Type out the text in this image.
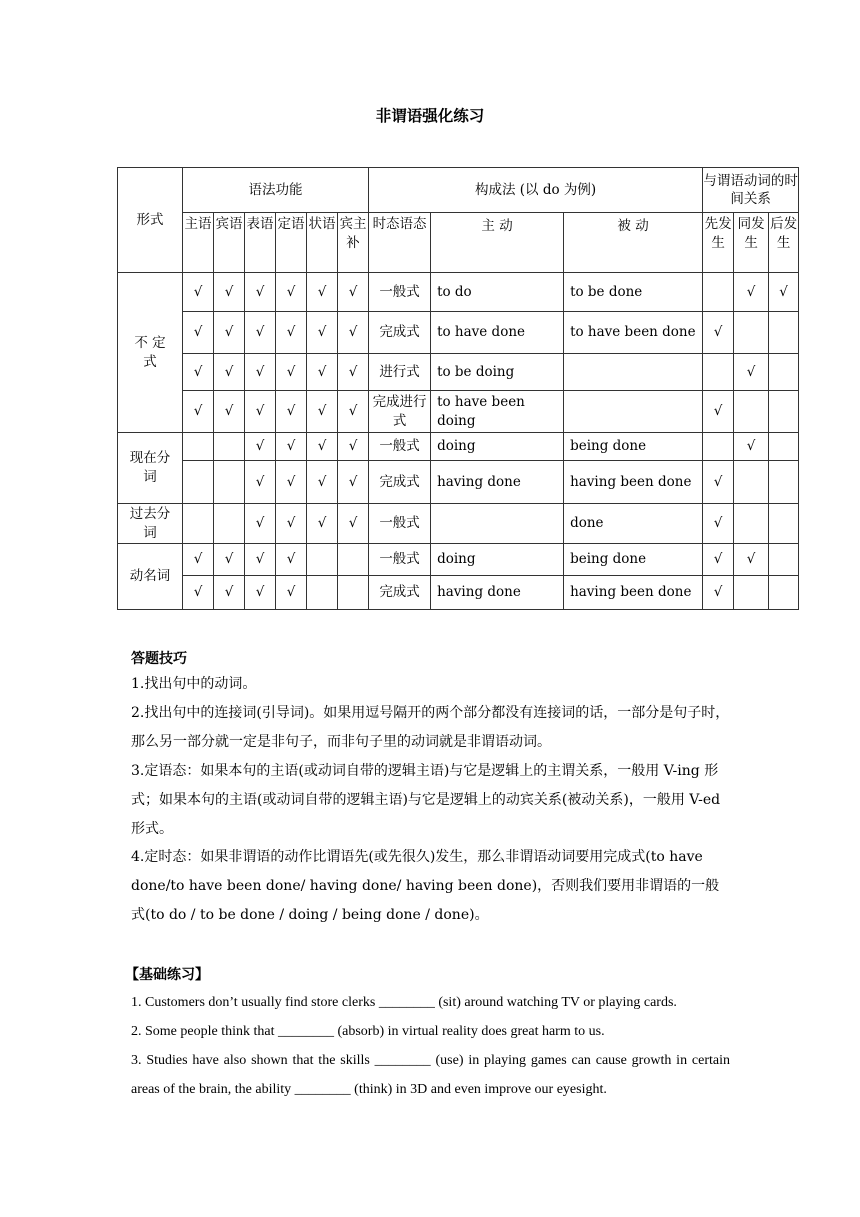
非谓语强化练习
形式	语法功能						构成法 (以 do 为例)			与谓语动词的时间关系		
	主语	宾语	表语	定语	状语	宾主补	时态语态	主 动	被 动	先发生	同发生	后发生
不 定 式	√	√	√	√	√	√	一般式	to do	to be done		√	√
	√	√	√	√	√	√	完成式	to have done	to have been done	√		
	√	√	√	√	√	√	进行式	to be doing			√	
	√	√	√	√	√	√	完成进行式	to have been doing		√		
现在分词			√	√	√	√	一般式	doing	being done		√	
			√	√	√	√	完成式	having done	having been done	√		
过去分词			√	√	√	√	一般式		done	√		
动名词	√	√	√	√			一般式	doing	being done	√	√	
	√	√	√	√			完成式	having done	having been done	√		
答题技巧
1.找出句中的动词。
2.找出句中的连接词(引导词)。如果用逗号隔开的两个部分都没有连接词的话，一部分是句子时，那么另一部分就一定是非句子，而非句子里的动词就是非谓语动词。
3.定语态：如果本句的主语(或动词自带的逻辑主语)与它是逻辑上的主谓关系，一般用 V-ing 形式；如果本句的主语(或动词自带的逻辑主语)与它是逻辑上的动宾关系(被动关系)，一般用 V-ed 形式。
4.定时态：如果非谓语的动作比谓语先(或先很久)发生，那么非谓语动词要用完成式(to have done/to have been done/ having done/ having been done)，否则我们要用非谓语的一般式(to do / to be done / doing / being done / done)。
【基础练习】
1. Customers don’t usually find store clerks ________ (sit) around watching TV or playing cards.
2. Some people think that ________ (absorb) in virtual reality does great harm to us.
3. Studies have also shown that the skills ________ (use) in playing games can cause growth in certain areas of the brain, the ability ________ (think) in 3D and even improve our eyesight.
